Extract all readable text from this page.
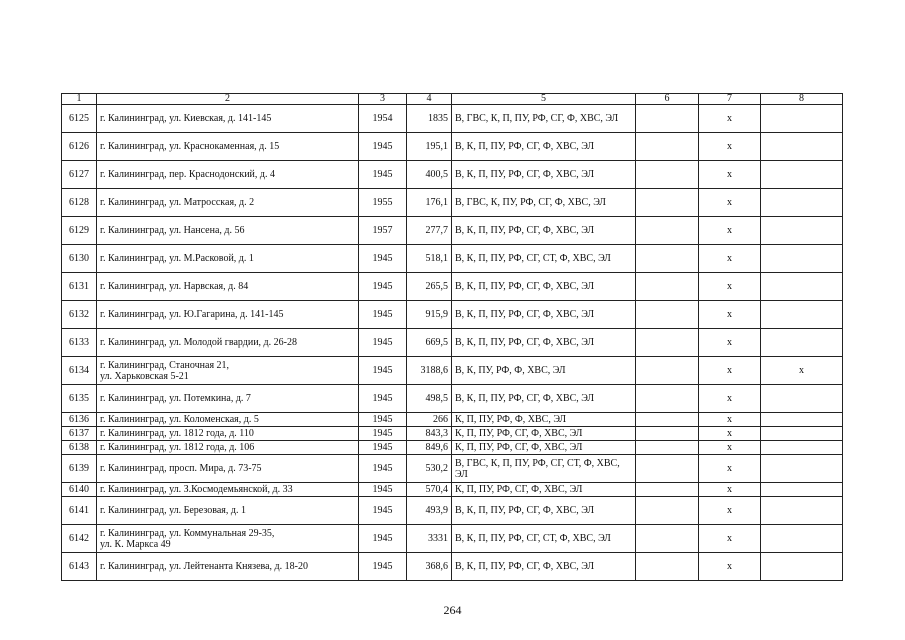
1	2	3	4	5	6	7	8
6125	г. Калининград, ул. Киевская, д. 141-145	1954	1835	В, ГВС, К, П, ПУ, РФ, СГ, Ф, ХВС, ЭЛ		x	
6126	г. Калининград, ул. Краснокаменная, д. 15	1945	195,1	В, К, П, ПУ, РФ, СГ, Ф, ХВС, ЭЛ		x	
6127	г. Калининград, пер. Краснодонский, д. 4	1945	400,5	В, К, П, ПУ, РФ, СГ, Ф, ХВС, ЭЛ		x	
6128	г. Калининград, ул. Матросская, д. 2	1955	176,1	В, ГВС, К, ПУ, РФ, СГ, Ф, ХВС, ЭЛ		x	
6129	г. Калининград, ул. Нансена, д. 56	1957	277,7	В, К, П, ПУ, РФ, СГ, Ф, ХВС, ЭЛ		x	
6130	г. Калининград, ул. М.Расковой, д. 1	1945	518,1	В, К, П, ПУ, РФ, СГ, СТ, Ф, ХВС, ЭЛ		x	
6131	г. Калининград, ул. Нарвская, д. 84	1945	265,5	В, К, П, ПУ, РФ, СГ, Ф, ХВС, ЭЛ		x	
6132	г. Калининград, ул. Ю.Гагарина, д. 141-145	1945	915,9	В, К, П, ПУ, РФ, СГ, Ф, ХВС, ЭЛ		x	
6133	г. Калининград, ул. Молодой гвардии, д. 26-28	1945	669,5	В, К, П, ПУ, РФ, СГ, Ф, ХВС, ЭЛ		x	
6134	г. Калининград, Станочная 21,
ул. Харьковская 5-21	1945	3188,6	В, К, ПУ, РФ, Ф, ХВС, ЭЛ		x	x
6135	г. Калининград, ул. Потемкина, д. 7	1945	498,5	В, К, П, ПУ, РФ, СГ, Ф, ХВС, ЭЛ		x	
6136	г. Калининград, ул. Коломенская, д. 5	1945	266	К, П, ПУ, РФ, Ф, ХВС, ЭЛ		x	
6137	г. Калининград, ул. 1812 года, д. 110	1945	843,3	К, П, ПУ, РФ, СГ, Ф, ХВС, ЭЛ		x	
6138	г. Калининград, ул. 1812 года, д. 106	1945	849,6	К, П, ПУ, РФ, СГ, Ф, ХВС, ЭЛ		x	
6139	г. Калининград, просп. Мира, д. 73-75	1945	530,2	В, ГВС, К, П, ПУ, РФ, СГ, СТ, Ф, ХВС, ЭЛ		x	
6140	г. Калининград, ул. З.Космодемьянской, д. 33	1945	570,4	К, П, ПУ, РФ, СГ, Ф, ХВС, ЭЛ		x	
6141	г. Калининград, ул. Березовая, д. 1	1945	493,9	В, К, П, ПУ, РФ, СГ, Ф, ХВС, ЭЛ		x	
6142	г. Калининград, ул. Коммунальная 29-35,
ул. К. Маркса 49	1945	3331	В, К, П, ПУ, РФ, СГ, СТ, Ф, ХВС, ЭЛ		x	
6143	г. Калининград, ул. Лейтенанта Князева, д. 18-20	1945	368,6	В, К, П, ПУ, РФ, СГ, Ф, ХВС, ЭЛ		x	
264
